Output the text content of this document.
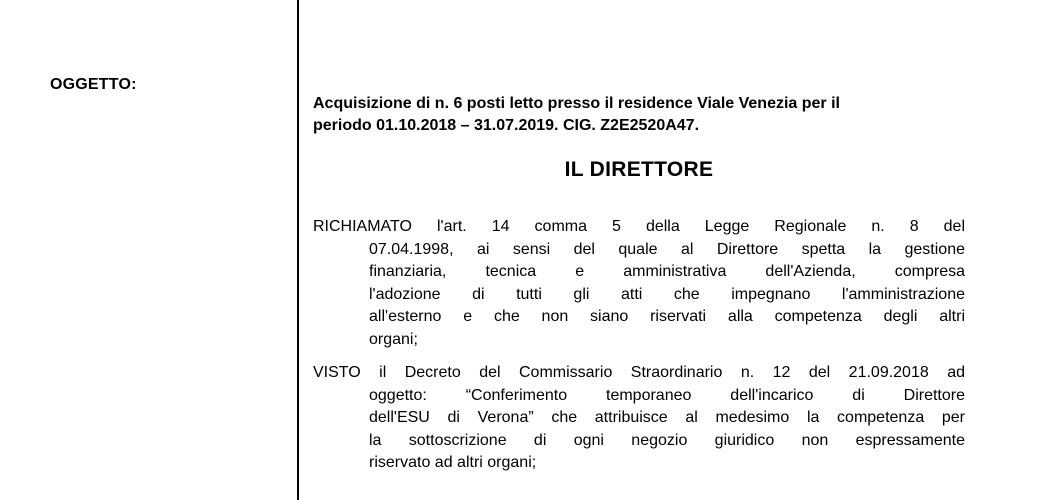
OGGETTO:
Acquisizione di n. 6 posti letto presso il residence Viale Venezia per il
periodo 01.10.2018 – 31.07.2019. CIG. Z2E2520A47.
IL DIRETTORE
RICHIAMATO l'art. 14 comma 5 della Legge Regionale n. 8 del
07.04.1998, ai sensi del quale al Direttore spetta la gestione
finanziaria, tecnica e amministrativa dell'Azienda, compresa
l'adozione di tutti gli atti che impegnano l'amministrazione
all'esterno e che non siano riservati alla competenza degli altri
organi;
VISTO il Decreto del Commissario Straordinario n. 12 del 21.09.2018 ad
oggetto: “Conferimento temporaneo dell'incarico di Direttore
dell'ESU di Verona” che attribuisce al medesimo la competenza per
la sottoscrizione di ogni negozio giuridico non espressamente
riservato ad altri organi;
